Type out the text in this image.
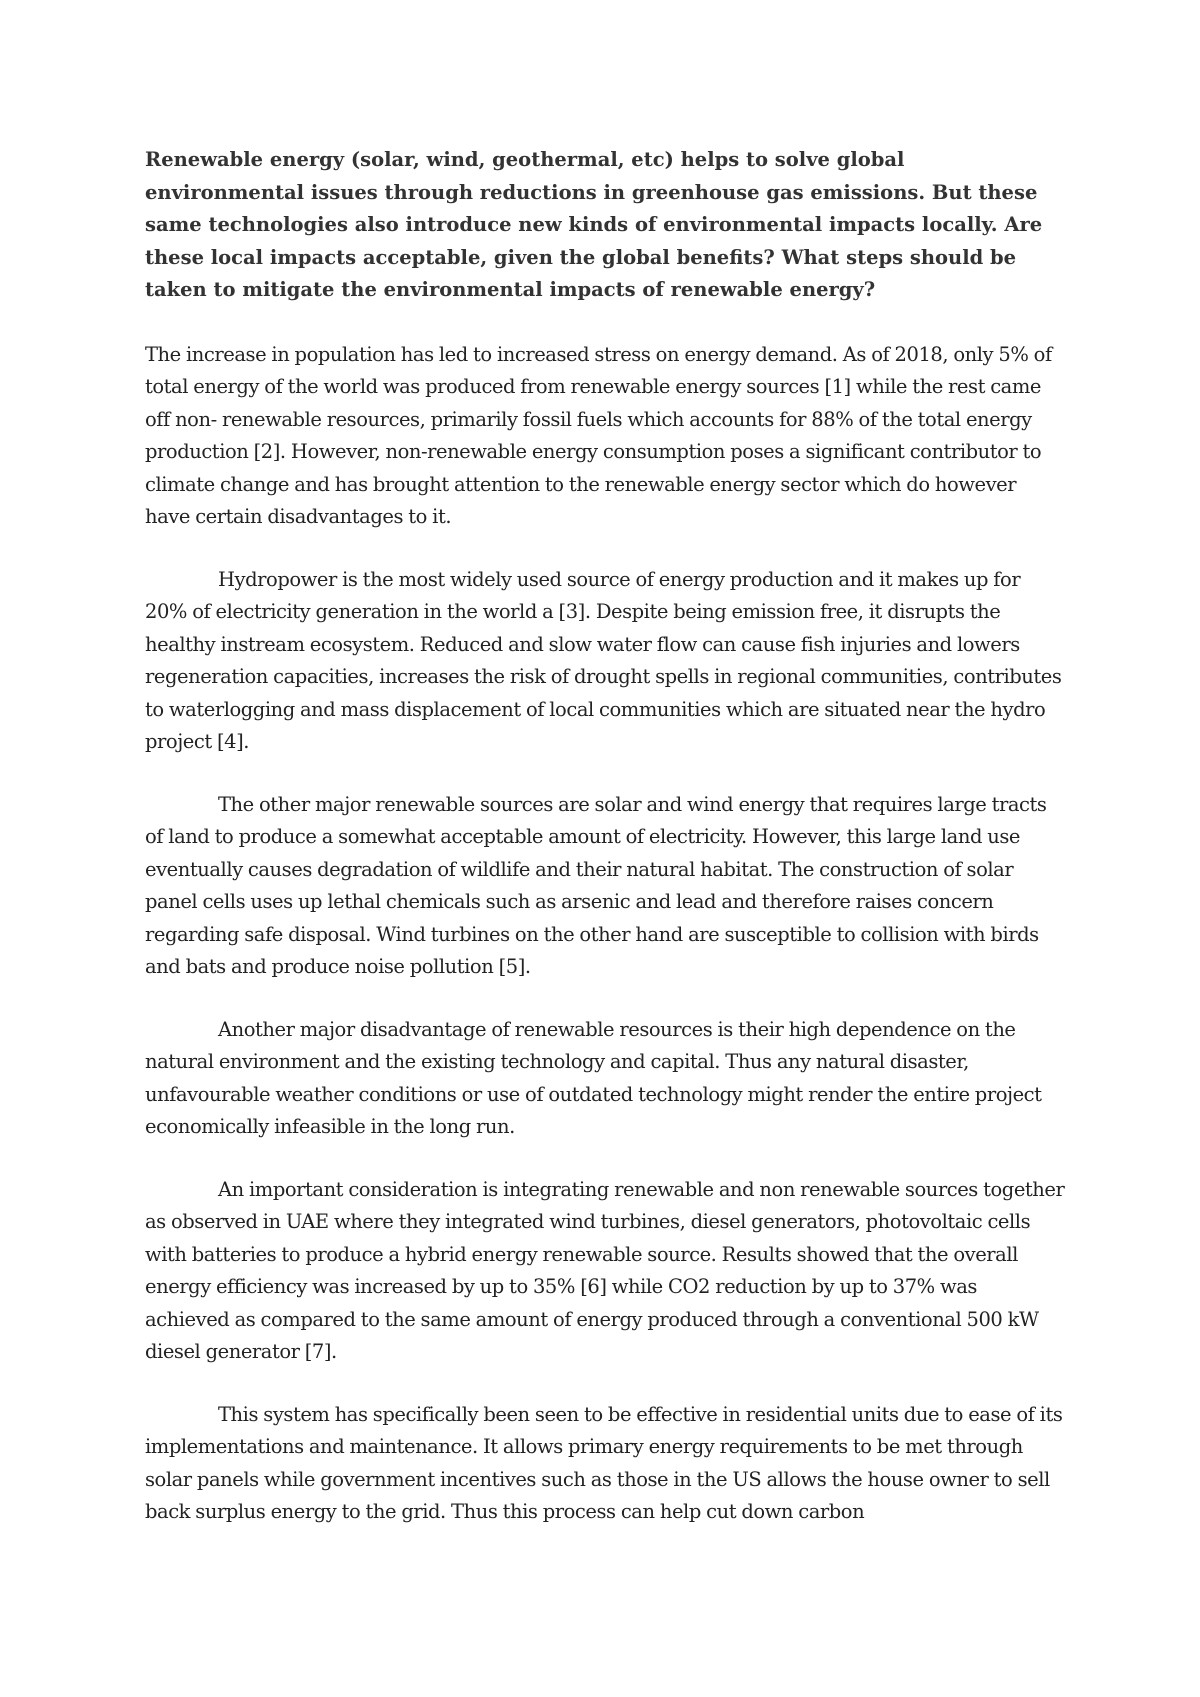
Renewable energy (solar, wind, geothermal, etc) helps to solve global environmental issues through reductions in greenhouse gas emissions. But these same technologies also introduce new kinds of environmental impacts locally. Are these local impacts acceptable, given the global benefits? What steps should be taken to mitigate the environmental impacts of renewable energy?

The increase in population has led to increased stress on energy demand. As of 2018, only 5% of total energy of the world was produced from renewable energy sources [1] while the rest came off non- renewable resources, primarily fossil fuels which accounts for 88% of the total energy production [2]. However, non-renewable energy consumption poses a significant contributor to climate change and has brought attention to the renewable energy sector which do however have certain disadvantages to it.

Hydropower is the most widely used source of energy production and it makes up for 20% of electricity generation in the world a [3]. Despite being emission free, it disrupts the healthy instream ecosystem. Reduced and slow water flow can cause fish injuries and lowers regeneration capacities, increases the risk of drought spells in regional communities, contributes to waterlogging and mass displacement of local communities which are situated near the hydro project [4].

The other major renewable sources are solar and wind energy that requires large tracts of land to produce a somewhat acceptable amount of electricity. However, this large land use eventually causes degradation of wildlife and their natural habitat. The construction of solar panel cells uses up lethal chemicals such as arsenic and lead and therefore raises concern regarding safe disposal. Wind turbines on the other hand are susceptible to collision with birds and bats and produce noise pollution [5].

Another major disadvantage of renewable resources is their high dependence on the natural environment and the existing technology and capital. Thus any natural disaster, unfavourable weather conditions or use of outdated technology might render the entire project economically infeasible in the long run.

An important consideration is integrating renewable and non renewable sources together as observed in UAE where they integrated wind turbines, diesel generators, photovoltaic cells with batteries to produce a hybrid energy renewable source. Results showed that the overall energy efficiency was increased by up to 35% [6] while CO2 reduction by up to 37% was achieved as compared to the same amount of energy produced through a conventional 500 kW diesel generator [7].

This system has specifically been seen to be effective in residential units due to ease of its implementations and maintenance. It allows primary energy requirements to be met through solar panels while government incentives such as those in the US allows the house owner to sell back surplus energy to the grid. Thus this process can help cut down carbon
